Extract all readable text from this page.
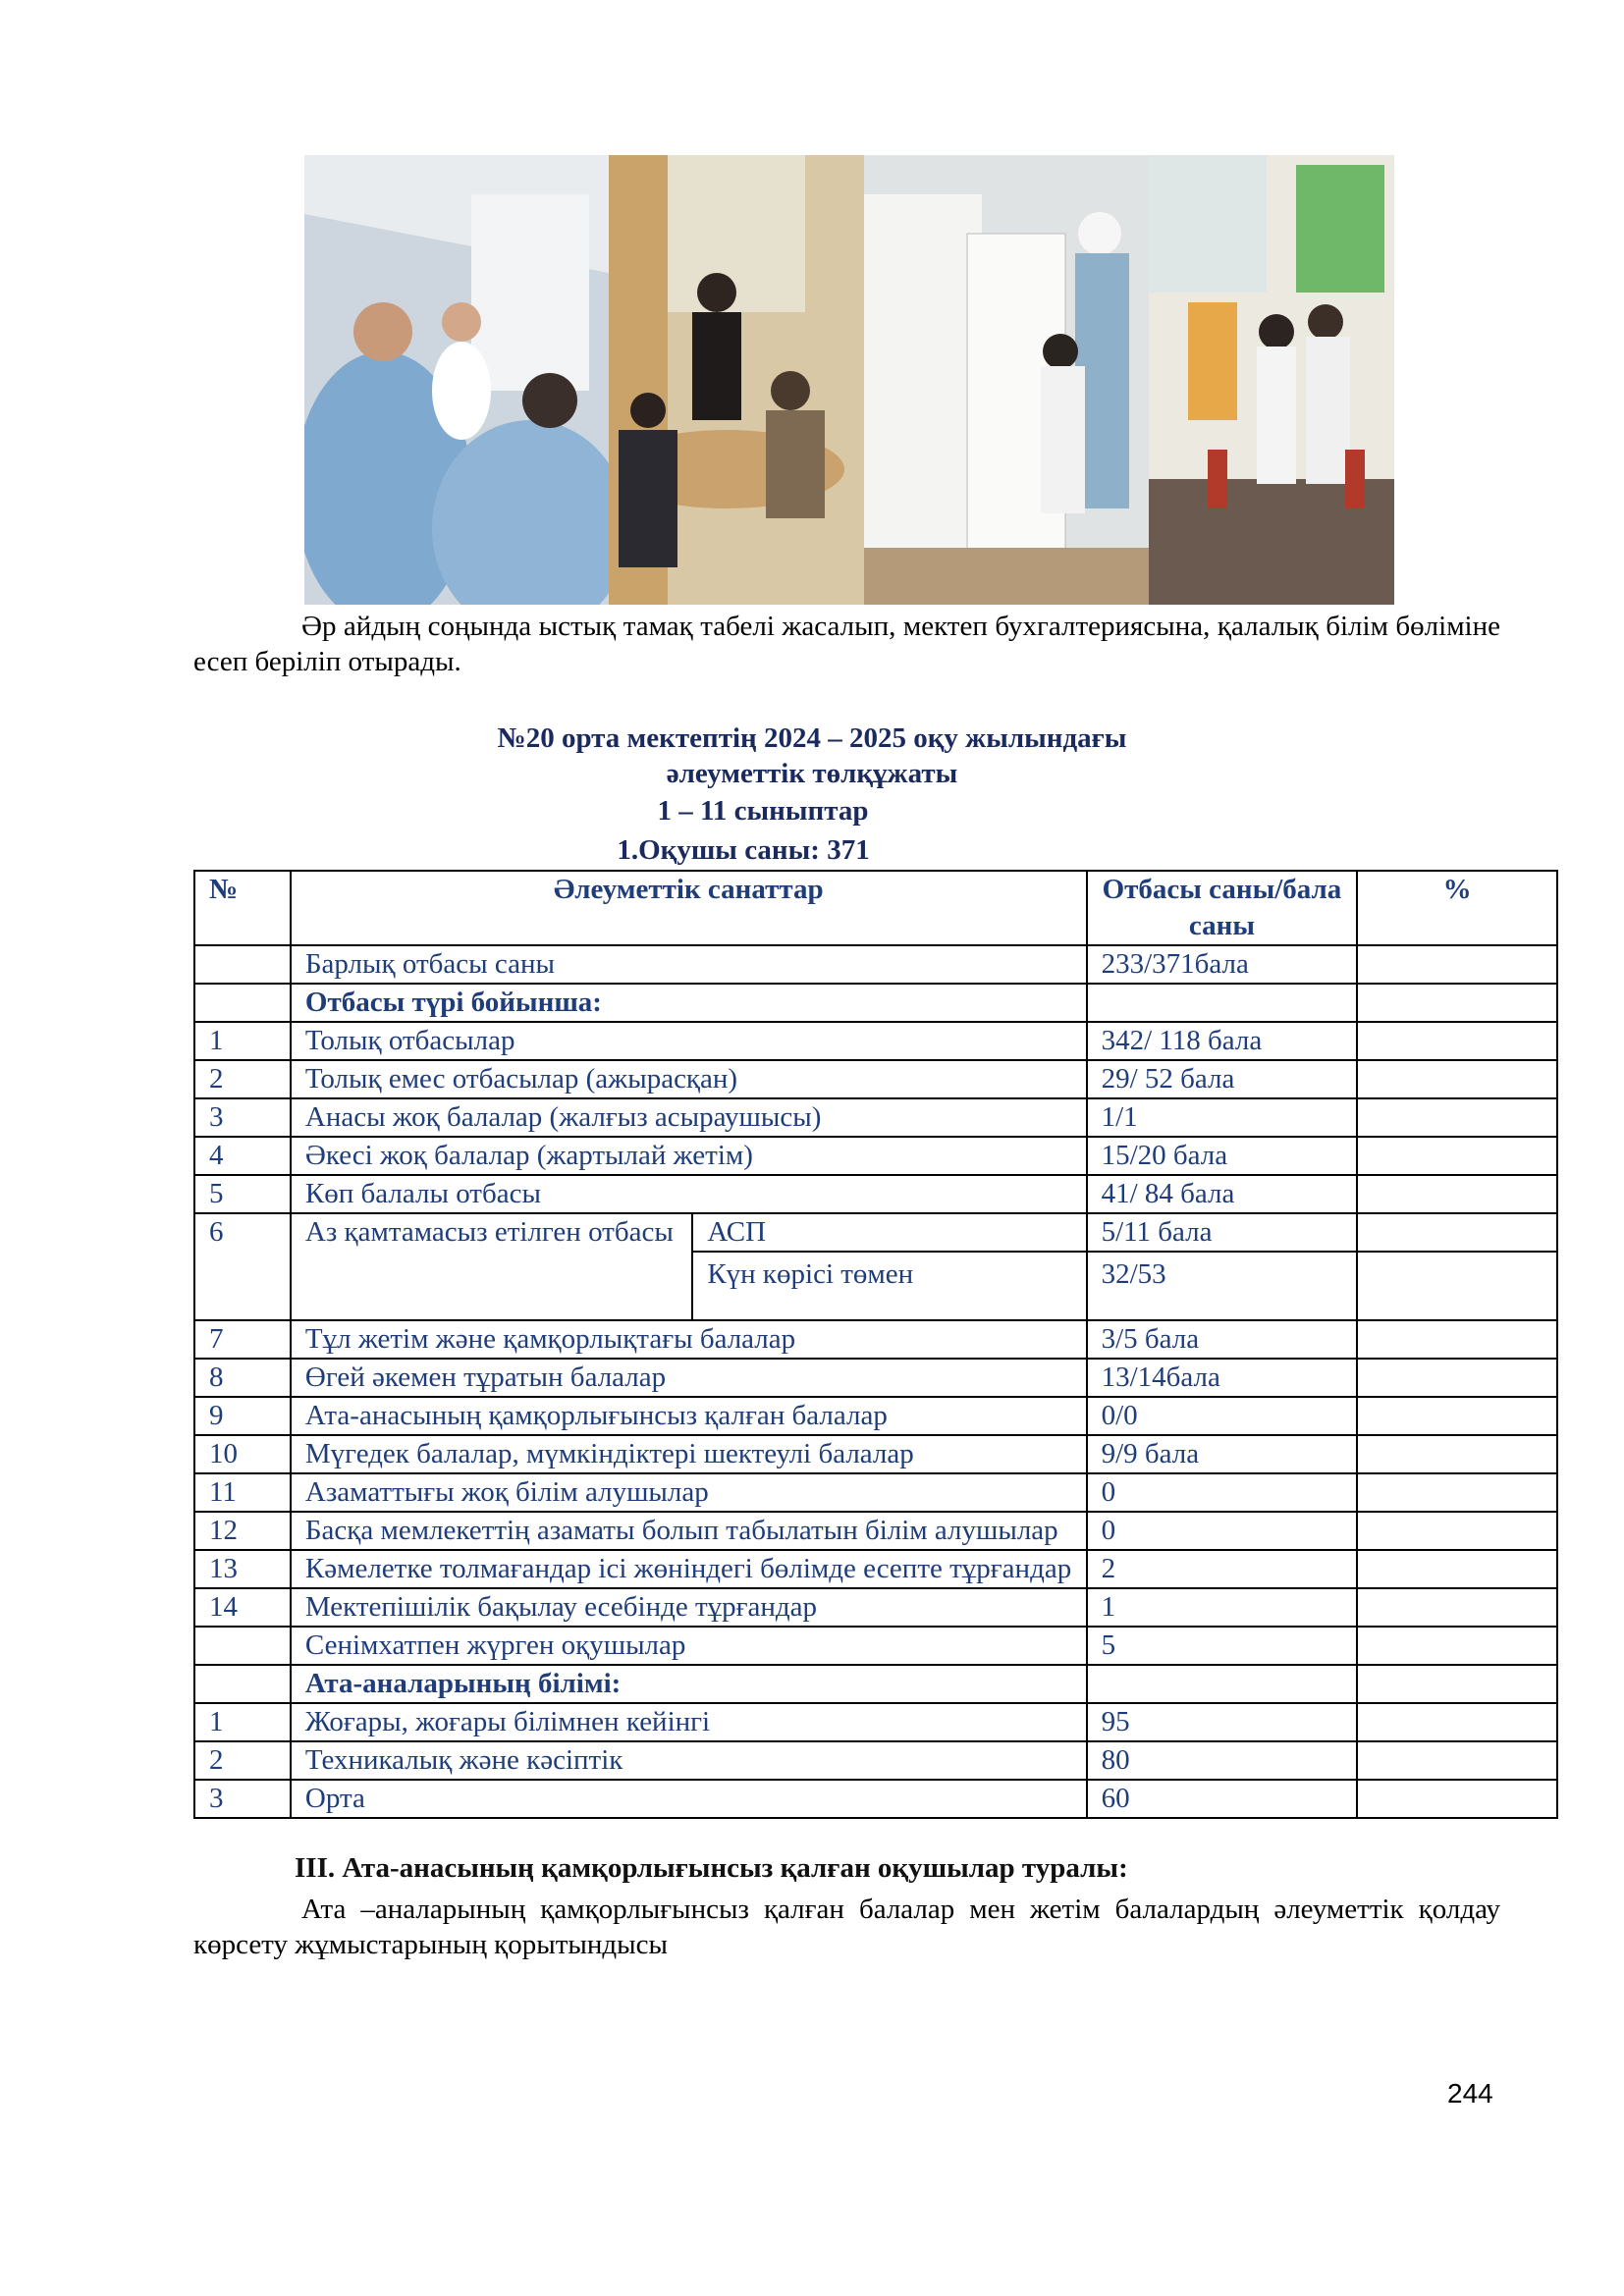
Әр айдың соңында ыстық тамақ табелі жасалып, мектеп бухгалтериясына, қалалық білім бөліміне есеп беріліп отырады.
№20 орта мектептің 2024 – 2025 оқу жылындағы
әлеуметтік төлқұжаты
1 – 11 сыныптар
1.Оқушы саны: 371
№	Әлеуметтік санаттар		Отбасы саны/бала саны	%
	Барлық отбасы саны		233/371бала	
	Отбасы түрі бойынша:			
1	Толық отбасылар		342/ 118 бала	
2	Толық емес отбасылар (ажырасқан)		29/ 52 бала	
3	Анасы жоқ балалар (жалғыз асыраушысы)		1/1	
4	Әкесі жоқ балалар (жартылай жетім)		15/20 бала	
5	Көп балалы отбасы		41/ 84 бала	
6	Аз қамтамасыз етілген отбасы	АСП	5/11 бала	
		Күн көрісі төмен	32/53	
7	Тұл жетім және қамқорлықтағы балалар		3/5 бала	
8	Өгей әкемен тұратын балалар		13/14бала	
9	Ата-анасының қамқорлығынсыз қалған балалар		0/0	
10	Мүгедек балалар, мүмкіндіктері шектеулі балалар		9/9 бала	
11	Азаматтығы жоқ білім алушылар		0	
12	Басқа мемлекеттің азаматы болып табылатын білім алушылар		0	
13	Кәмелетке толмағандар ісі жөніндегі бөлімде есепте тұрғандар		2	
14	Мектепішілік бақылау есебінде тұрғандар		1	
	Сенімхатпен жүрген оқушылар		5	
	Ата-аналарының білімі:			
1	Жоғары, жоғары білімнен кейінгі		95	
2	Техникалық және кәсіптік		80	
3	Орта		60	
ІІІ. Ата-анасының қамқорлығынсыз қалған оқушылар туралы:
Ата –аналарының қамқорлығынсыз қалған балалар мен жетім балалардың әлеуметтік қолдау көрсету жұмыстарының қорытындысы
244
